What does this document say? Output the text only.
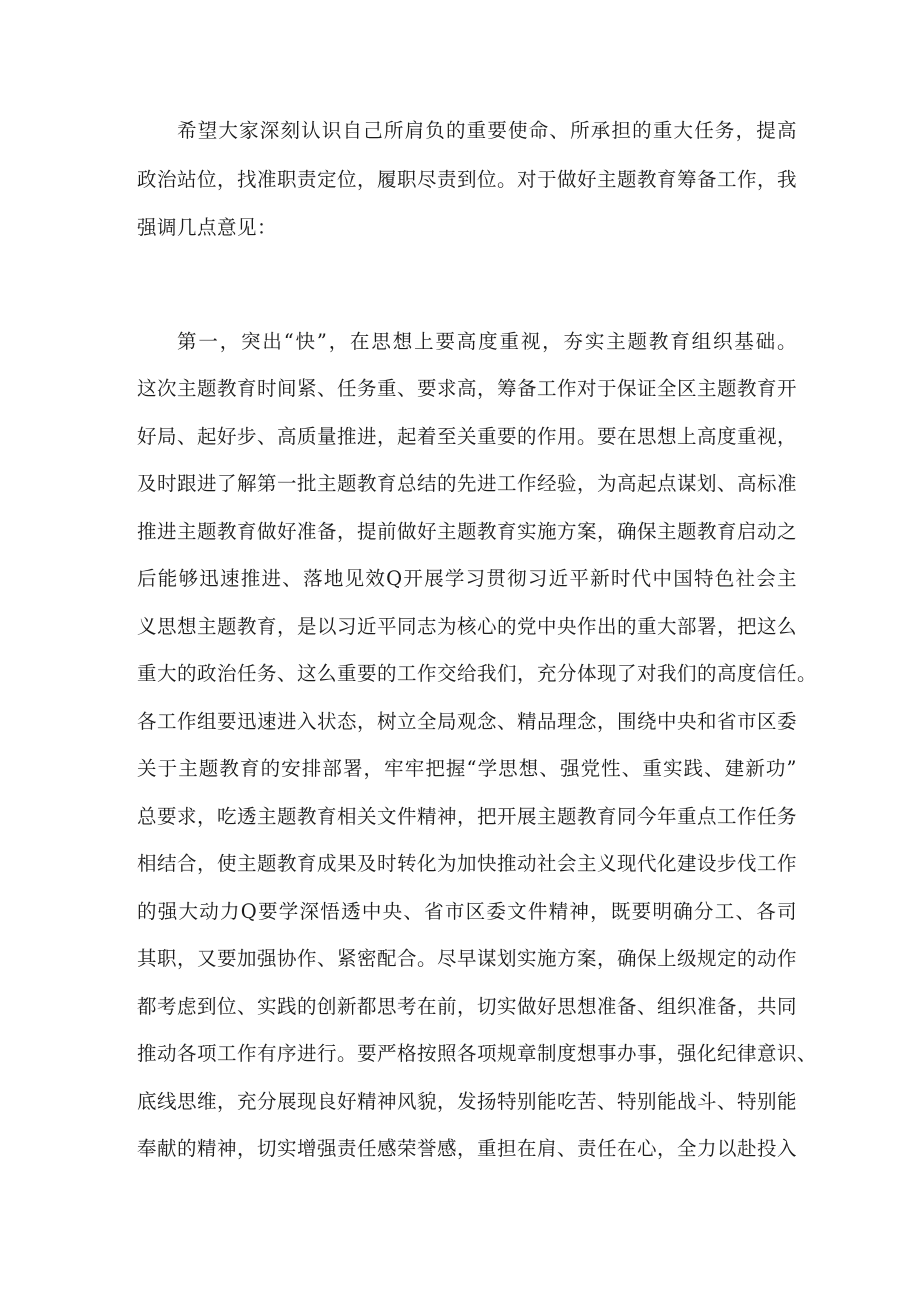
希望大家深刻认识自己所肩负的重要使命、所承担的重大任务，提高
政治站位，找准职责定位，履职尽责到位。对于做好主题教育筹备工作，我
强调几点意见：
第一，突出“快”，在思想上要高度重视，夯实主题教育组织基础。
这次主题教育时间紧、任务重、要求高，筹备工作对于保证全区主题教育开
好局、起好步、高质量推进，起着至关重要的作用。要在思想上高度重视，
及时跟进了解第一批主题教育总结的先进工作经验，为高起点谋划、高标准
推进主题教育做好准备，提前做好主题教育实施方案，确保主题教育启动之
后能够迅速推进、落地见效Q开展学习贯彻习近平新时代中国特色社会主
义思想主题教育，是以习近平同志为核心的党中央作出的重大部署，把这么
重大的政治任务、这么重要的工作交给我们，充分体现了对我们的高度信任。
各工作组要迅速进入状态，树立全局观念、精品理念，围绕中央和省市区委
关于主题教育的安排部署，牢牢把握“学思想、强党性、重实践、建新功”
总要求，吃透主题教育相关文件精神，把开展主题教育同今年重点工作任务
相结合，使主题教育成果及时转化为加快推动社会主义现代化建设步伐工作
的强大动力Q要学深悟透中央、省市区委文件精神，既要明确分工、各司
其职，又要加强协作、紧密配合。尽早谋划实施方案，确保上级规定的动作
都考虑到位、实践的创新都思考在前，切实做好思想准备、组织准备，共同
推动各项工作有序进行。要严格按照各项规章制度想事办事，强化纪律意识、
底线思维，充分展现良好精神风貌，发扬特别能吃苦、特别能战斗、特别能
奉献的精神，切实增强责任感荣誉感，重担在肩、责任在心，全力以赴投入
